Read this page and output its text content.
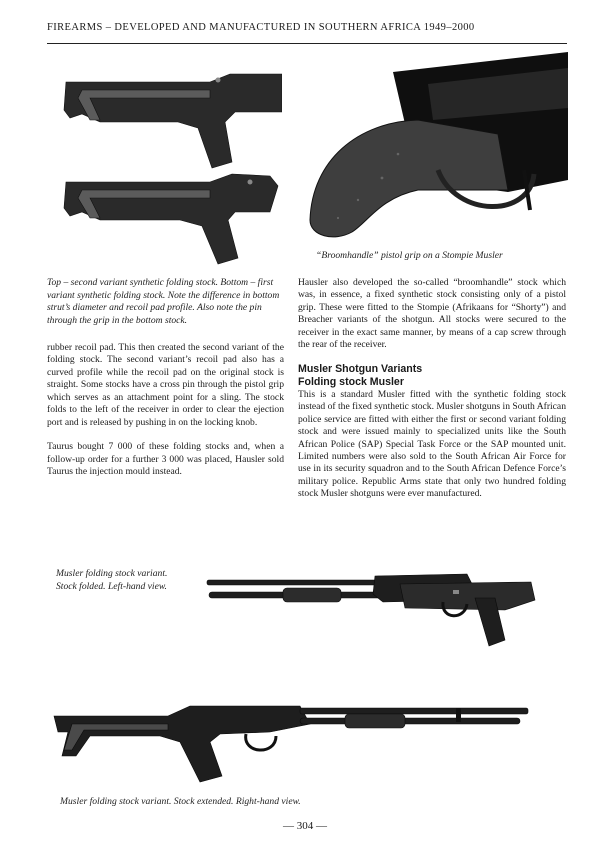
FIREARMS – DEVELOPED AND MANUFACTURED IN SOUTHERN AFRICA 1949–2000
“Broomhandle” pistol grip on a Stompie Musler
Top – second variant synthetic folding stock. Bottom – first variant synthetic folding stock. Note the difference in bottom strut’s diameter and recoil pad profile. Also note the pin through the grip in the bottom stock.

rubber recoil pad. This then created the second variant of the folding stock. The second variant’s recoil pad also has a curved profile while the recoil pad on the original stock is straight. Some stocks have a cross pin through the pistol grip which serves as an attachment point for a sling. The stock folds to the left of the receiver in order to clear the ejection port and is released by pushing in on the locking knob.

Taurus bought 7 000 of these folding stocks and, when a follow-up order for a further 3 000 was placed, Hausler sold Taurus the injection mould instead.

Hausler also developed the so-called “broomhandle” stock which was, in essence, a fixed synthetic stock consisting only of a pistol grip. These were fitted to the Stompie (Afrikaans for “Shorty”) and Breacher variants of the shotgun. All stocks were secured to the receiver in the exact same manner, by means of a cap screw through the rear of the receiver.

Musler Shotgun Variants
Folding stock Musler

This is a standard Musler fitted with the synthetic folding stock instead of the fixed synthetic stock. Musler shotguns in South African police service are fitted with either the first or second variant folding stock and were issued mainly to specialized units like the South African Police (SAP) Special Task Force or the SAP mounted unit. Limited numbers were also sold to the South African Air Force for use in its security squadron and to the South African Defence Force’s military police. Republic Arms state that only two hundred folding stock Musler shotguns were ever manufactured.

Musler folding stock variant. Stock folded. Left-hand view.
Musler folding stock variant. Stock extended. Right-hand view.
— 304 —
